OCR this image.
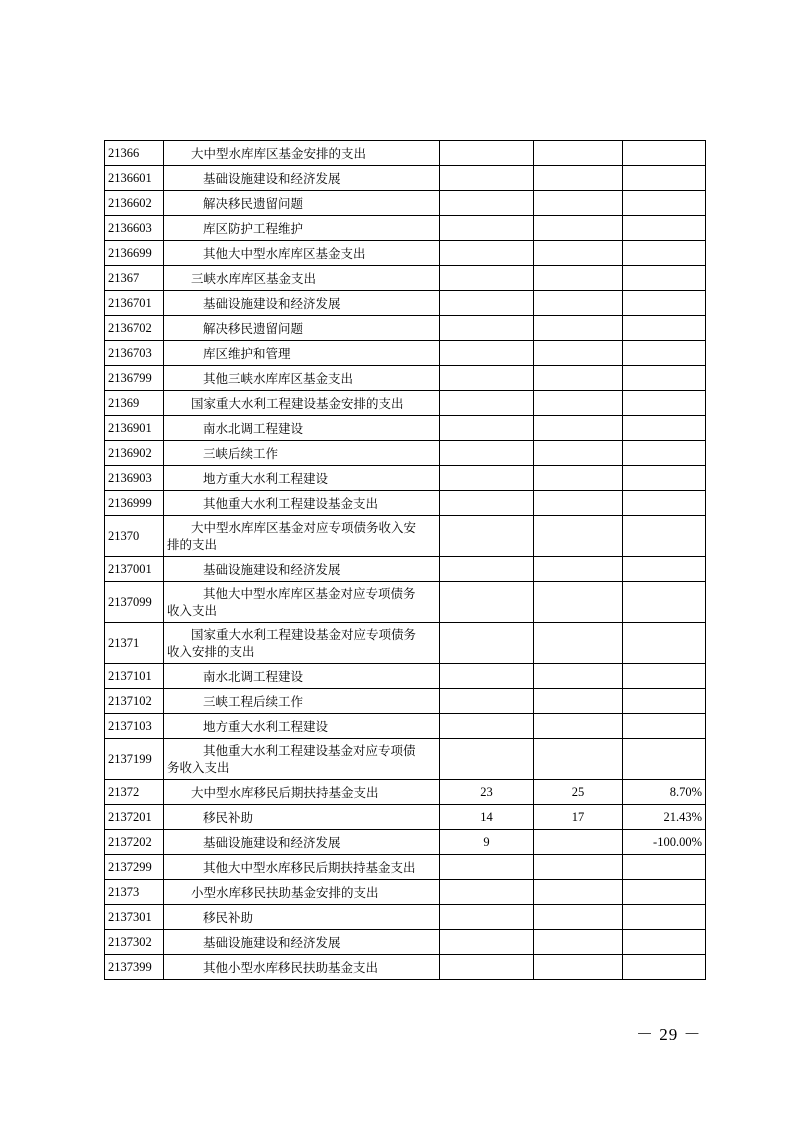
21366	大中型水库库区基金安排的支出			
2136601	基础设施建设和经济发展			
2136602	解决移民遗留问题			
2136603	库区防护工程维护			
2136699	其他大中型水库库区基金支出			
21367	三峡水库库区基金支出			
2136701	基础设施建设和经济发展			
2136702	解决移民遗留问题			
2136703	库区维护和管理			
2136799	其他三峡水库库区基金支出			
21369	国家重大水利工程建设基金安排的支出			
2136901	南水北调工程建设			
2136902	三峡后续工作			
2136903	地方重大水利工程建设			
2136999	其他重大水利工程建设基金支出			
21370	大中型水库库区基金对应专项债务收入安
排的支出			
2137001	基础设施建设和经济发展			
2137099	其他大中型水库库区基金对应专项债务
收入支出			
21371	国家重大水利工程建设基金对应专项债务
收入安排的支出			
2137101	南水北调工程建设			
2137102	三峡工程后续工作			
2137103	地方重大水利工程建设			
2137199	其他重大水利工程建设基金对应专项债
务收入支出			
21372	大中型水库移民后期扶持基金支出	23	25	8.70%
2137201	移民补助	14	17	21.43%
2137202	基础设施建设和经济发展	9		-100.00%
2137299	其他大中型水库移民后期扶持基金支出			
21373	小型水库移民扶助基金安排的支出			
2137301	移民补助			
2137302	基础设施建设和经济发展			
2137399	其他小型水库移民扶助基金支出			
－ 29 －
